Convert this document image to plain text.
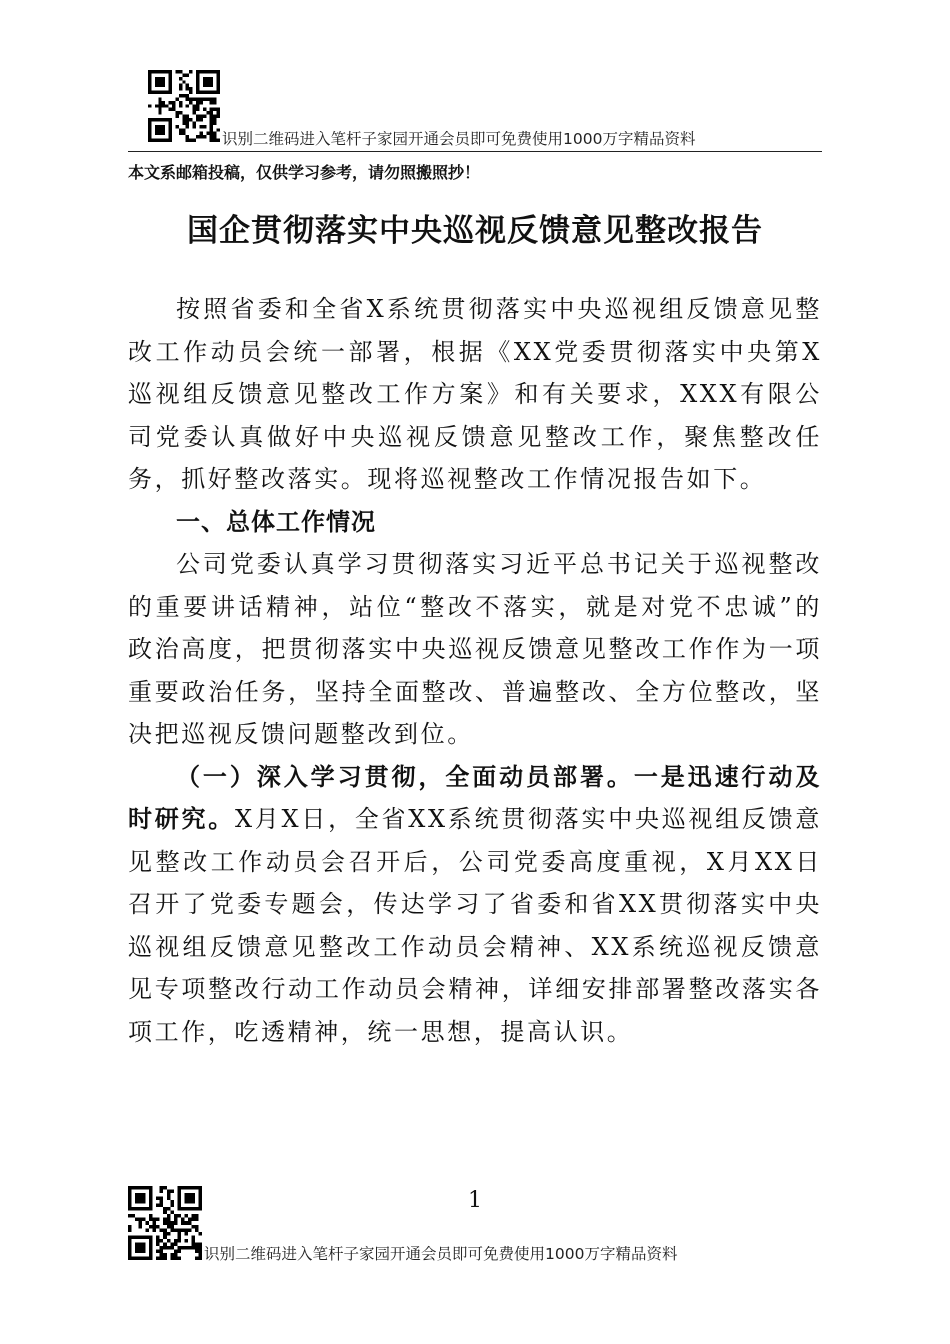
识别二维码进入笔杆子家园开通会员即可免费使用1000万字精品资料
本文系邮箱投稿，仅供学习参考，请勿照搬照抄！
国企贯彻落实中央巡视反馈意见整改报告

按照省委和全省X系统贯彻落实中央巡视组反馈意见整改工作动员会统一部署，根据《XX党委贯彻落实中央第X巡视组反馈意见整改工作方案》和有关要求，XXX有限公司党委认真做好中央巡视反馈意见整改工作，聚焦整改任务，抓好整改落实。现将巡视整改工作情况报告如下。

一、总体工作情况

公司党委认真学习贯彻落实习近平总书记关于巡视整改的重要讲话精神，站位“整改不落实，就是对党不忠诚”的政治高度，把贯彻落实中央巡视反馈意见整改工作作为一项重要政治任务，坚持全面整改、普遍整改、全方位整改，坚决把巡视反馈问题整改到位。

（一）深入学习贯彻，全面动员部署。一是迅速行动及时研究。X月X日，全省XX系统贯彻落实中央巡视组反馈意见整改工作动员会召开后，公司党委高度重视，X月XX日召开了党委专题会，传达学习了省委和省XX贯彻落实中央巡视组反馈意见整改工作动员会精神、XX系统巡视反馈意见专项整改行动工作动员会精神，详细安排部署整改落实各项工作，吃透精神，统一思想，提高认识。

1
识别二维码进入笔杆子家园开通会员即可免费使用1000万字精品资料
